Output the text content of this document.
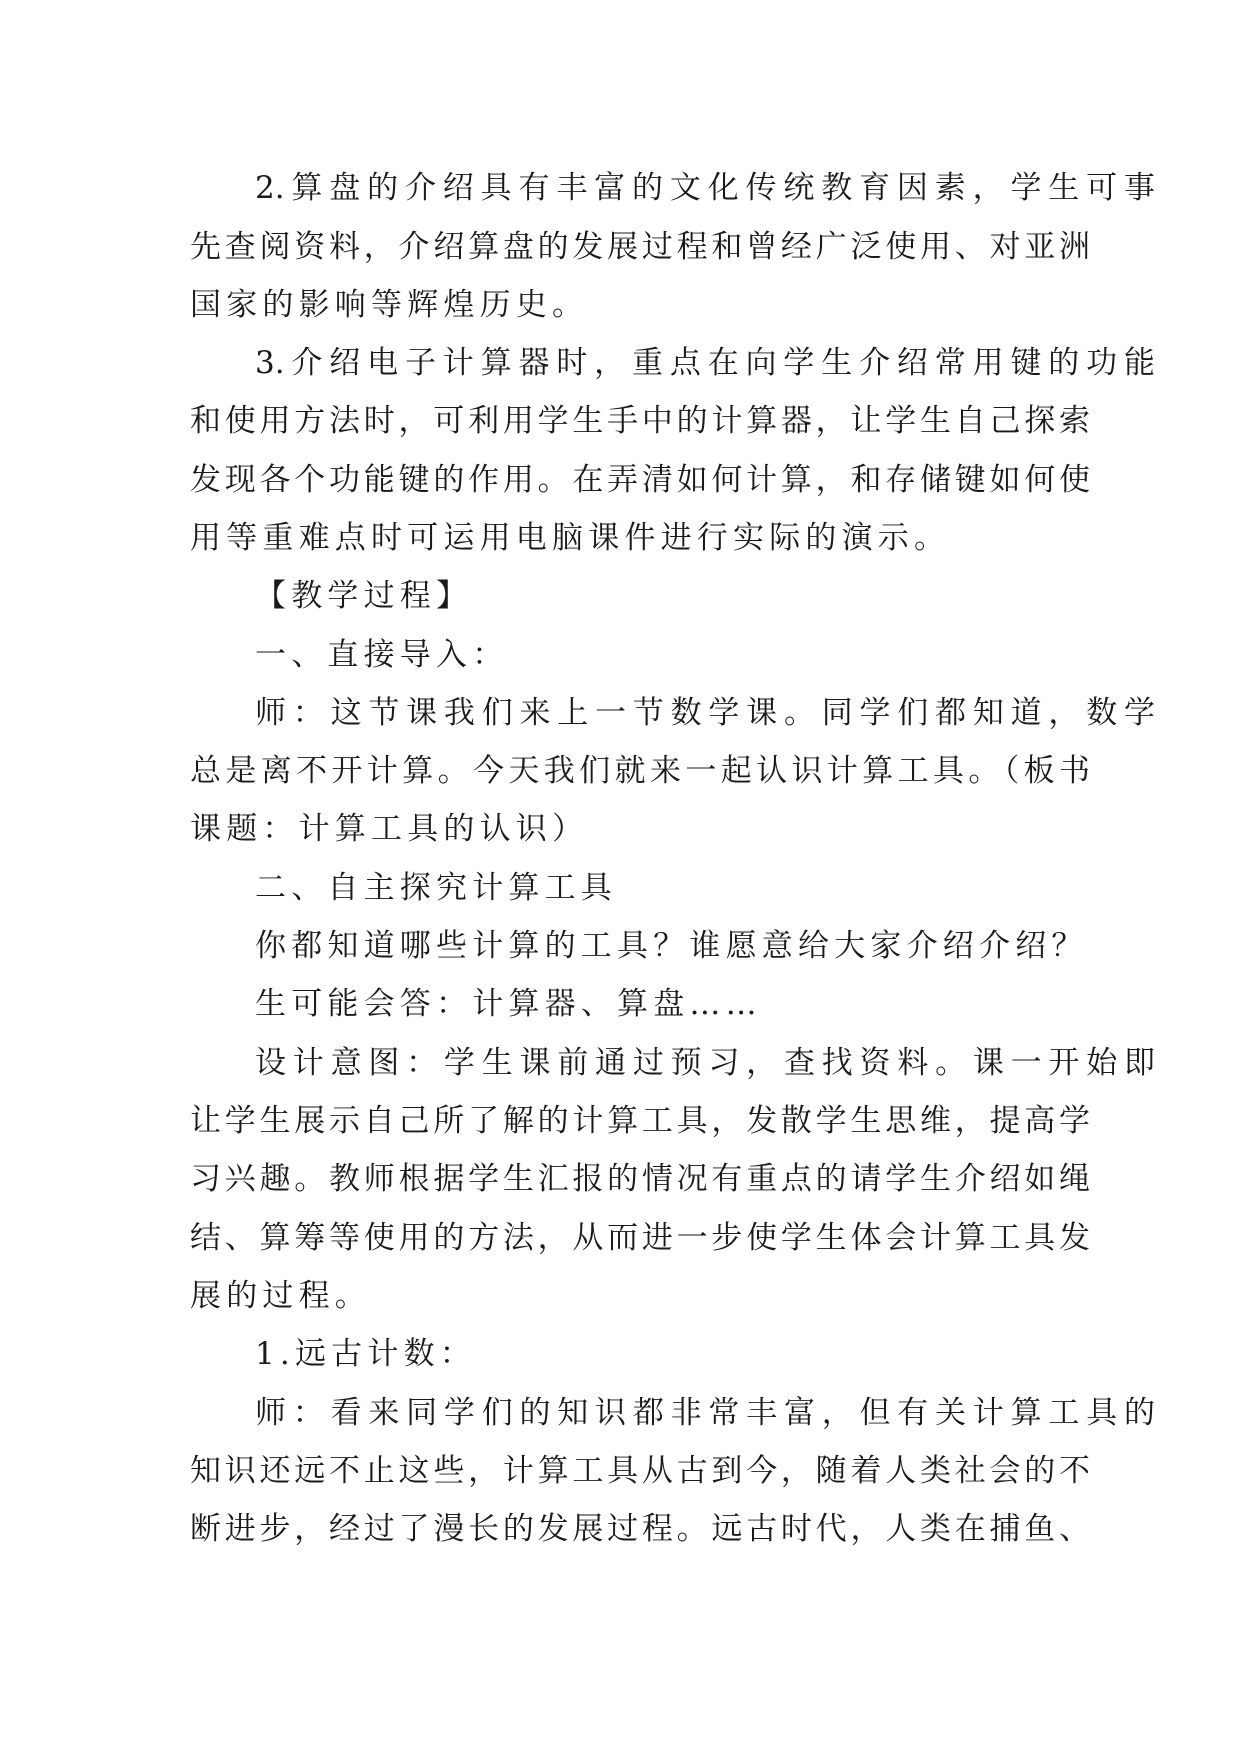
2.算盘的介绍具有丰富的文化传统教育因素，学生可事
先查阅资料，介绍算盘的发展过程和曾经广泛使用、对亚洲
国家的影响等辉煌历史。
3.介绍电子计算器时，重点在向学生介绍常用键的功能
和使用方法时，可利用学生手中的计算器，让学生自己探索
发现各个功能键的作用。在弄清如何计算，和存储键如何使
用等重难点时可运用电脑课件进行实际的演示。
【教学过程】
一、直接导入：
师：这节课我们来上一节数学课。同学们都知道，数学
总是离不开计算。今天我们就来一起认识计算工具。（板书
课题：计算工具的认识）
二、自主探究计算工具
你都知道哪些计算的工具？谁愿意给大家介绍介绍？
生可能会答：计算器、算盘……
设计意图：学生课前通过预习，查找资料。课一开始即
让学生展示自己所了解的计算工具，发散学生思维，提高学
习兴趣。教师根据学生汇报的情况有重点的请学生介绍如绳
结、算筹等使用的方法，从而进一步使学生体会计算工具发
展的过程。
1.远古计数：
师：看来同学们的知识都非常丰富，但有关计算工具的
知识还远不止这些，计算工具从古到今，随着人类社会的不
断进步，经过了漫长的发展过程。远古时代，人类在捕鱼、
